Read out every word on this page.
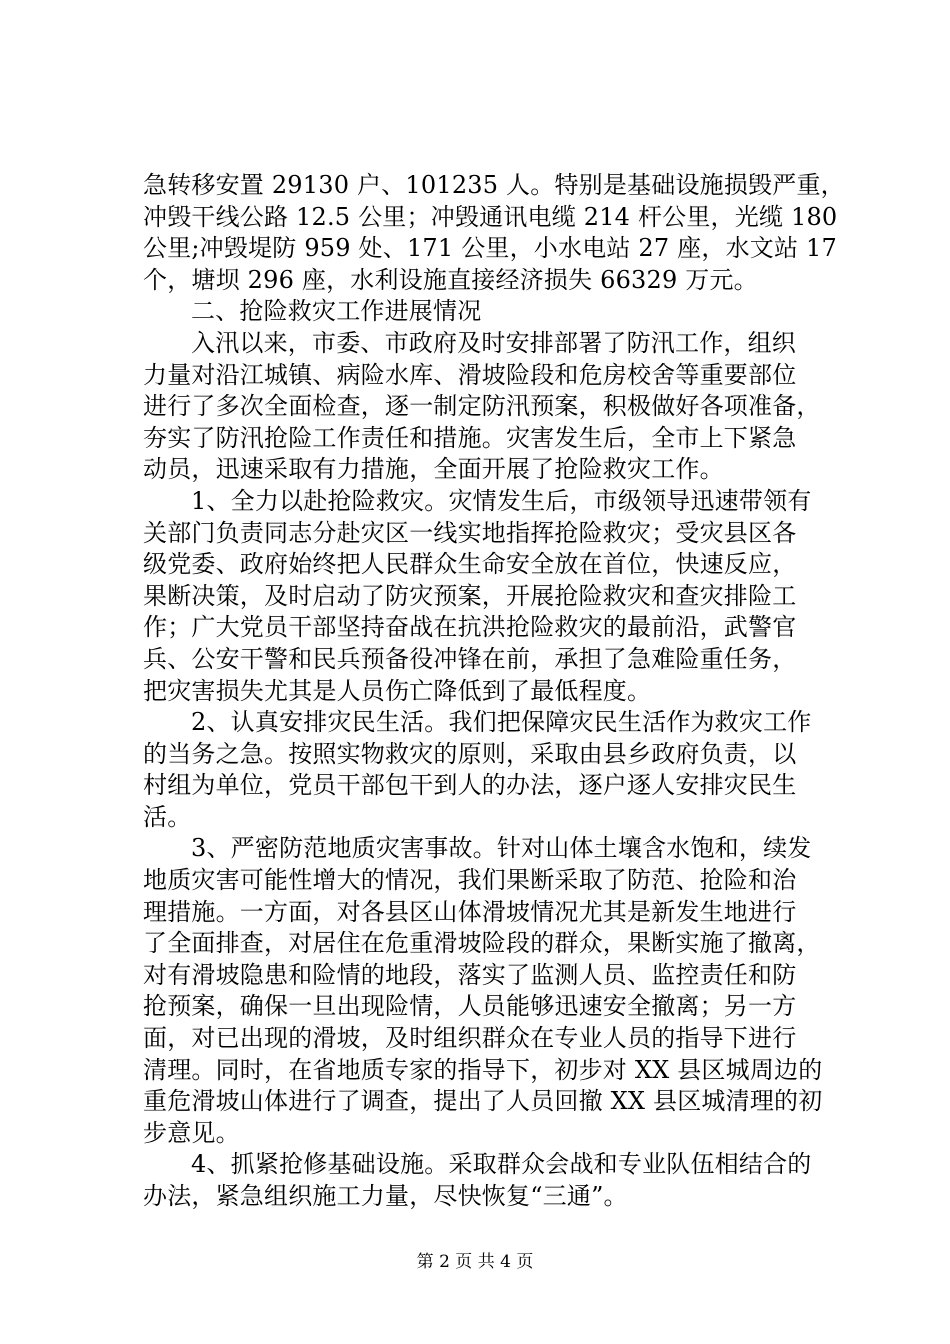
急转移安置 29130 户、101235 人。特别是基础设施损毁严重，
冲毁干线公路 12.5 公里；冲毁通讯电缆 214 杆公里，光缆 180
公里;冲毁堤防 959 处、171 公里，小水电站 27 座，水文站 17
个，塘坝 296 座，水利设施直接经济损失 66329 万元。
二、抢险救灾工作进展情况
入汛以来，市委、市政府及时安排部署了防汛工作，组织
力量对沿江城镇、病险水库、滑坡险段和危房校舍等重要部位
进行了多次全面检查，逐一制定防汛预案，积极做好各项准备，
夯实了防汛抢险工作责任和措施。灾害发生后，全市上下紧急
动员，迅速采取有力措施，全面开展了抢险救灾工作。
1、全力以赴抢险救灾。灾情发生后，市级领导迅速带领有
关部门负责同志分赴灾区一线实地指挥抢险救灾；受灾县区各
级党委、政府始终把人民群众生命安全放在首位，快速反应，
果断决策，及时启动了防灾预案，开展抢险救灾和查灾排险工
作；广大党员干部坚持奋战在抗洪抢险救灾的最前沿，武警官
兵、公安干警和民兵预备役冲锋在前，承担了急难险重任务，
把灾害损失尤其是人员伤亡降低到了最低程度。
2、认真安排灾民生活。我们把保障灾民生活作为救灾工作
的当务之急。按照实物救灾的原则，采取由县乡政府负责，以
村组为单位，党员干部包干到人的办法，逐户逐人安排灾民生
活。
3、严密防范地质灾害事故。针对山体土壤含水饱和，续发
地质灾害可能性增大的情况，我们果断采取了防范、抢险和治
理措施。一方面，对各县区山体滑坡情况尤其是新发生地进行
了全面排查，对居住在危重滑坡险段的群众，果断实施了撤离，
对有滑坡隐患和险情的地段，落实了监测人员、监控责任和防
抢预案，确保一旦出现险情，人员能够迅速安全撤离；另一方
面，对已出现的滑坡，及时组织群众在专业人员的指导下进行
清理。同时，在省地质专家的指导下，初步对 XX 县区城周边的
重危滑坡山体进行了调查，提出了人员回撤 XX 县区城清理的初
步意见。
4、抓紧抢修基础设施。采取群众会战和专业队伍相结合的
办法，紧急组织施工力量，尽快恢复“三通”。
第 2 页 共 4 页
